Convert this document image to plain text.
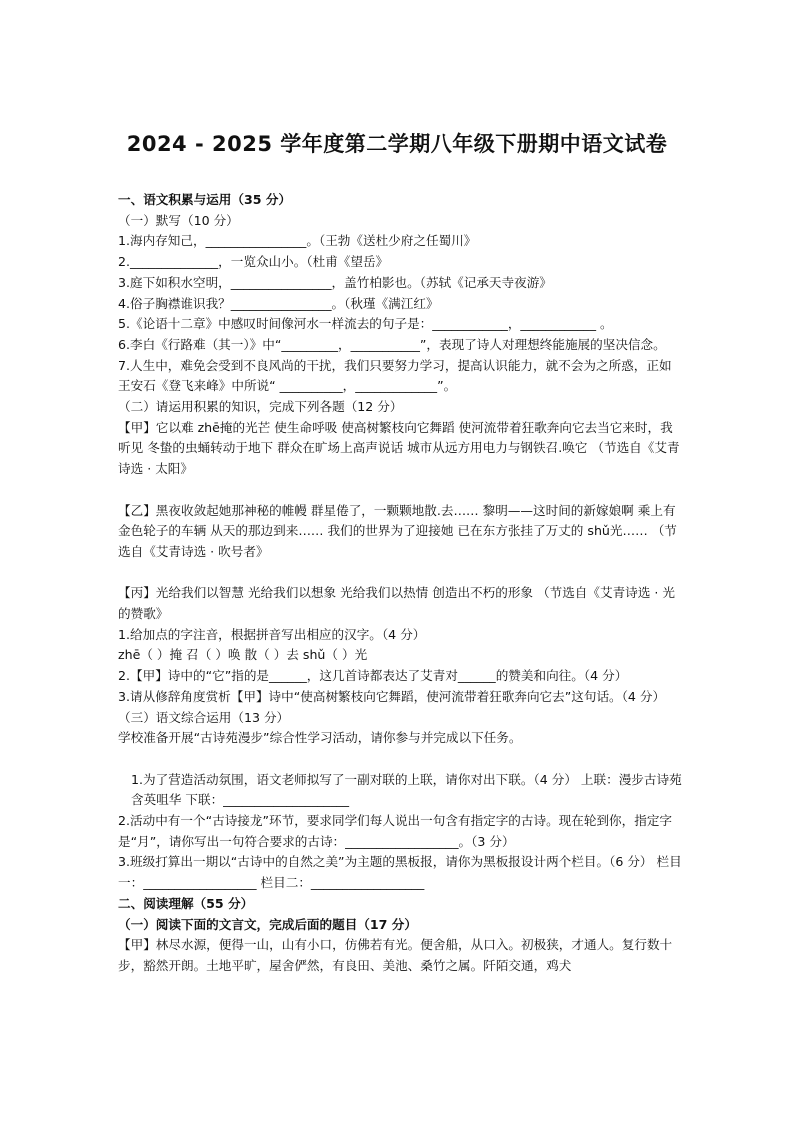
2024 - 2025 学年度第二学期八年级下册期中语文试卷
一、语文积累与运用（35 分）
（一）默写（10 分）
1.海内存知己，________________。（王勃《送杜少府之任蜀川》
2.______________，一览众山小。（杜甫《望岳》
3.庭下如积水空明，________________，盖竹柏影也。（苏轼《记承天寺夜游》
4.俗子胸襟谁识我？________________。（秋瑾《满江红》
5.《论语十二章》中感叹时间像河水一样流去的句子是：____________，____________ 。
6.李白《行路难（其一）》中“_________，___________”，表现了诗人对理想终能施展的坚决信念。
7.人生中，难免会受到不良风尚的干扰，我们只要努力学习，提高认识能力，就不会为之所惑，正如王安石《登飞来峰》中所说“ __________，_____________”。
（二）请运用积累的知识，完成下列各题（12 分）
【甲】它以难 zhē掩的光芒 使生命呼吸 使高树繁枝向它舞蹈 使河流带着狂歌奔向它去当它来时，我听见 冬蛰的虫蛹转动于地下 群众在旷场上高声说话 城市从远方用电力与钢铁召.唤它 （节选自《艾青诗选 · 太阳》
【乙】黑夜收敛起她那神秘的帷幔 群星倦了，一颗颗地散.去…… 黎明——这时间的新嫁娘啊 乘上有金色轮子的车辆 从天的那边到来…… 我们的世界为了迎接她 已在东方张挂了万丈的 shǔ光…… （节选自《艾青诗选 · 吹号者》
【丙】光给我们以智慧 光给我们以想象 光给我们以热情 创造出不朽的形象 （节选自《艾青诗选 · 光的赞歌》
1.给加点的字注音，根据拼音写出相应的汉字。（4 分）
zhē（ ）掩 召（ ）唤 散（ ）去 shǔ（ ）光
2.【甲】诗中的“它”指的是______，这几首诗都表达了艾青对______的赞美和向往。（4 分）
3.请从修辞角度赏析【甲】诗中“使高树繁枝向它舞蹈，使河流带着狂歌奔向它去”这句话。（4 分）
（三）语文综合运用（13 分）
学校准备开展“古诗苑漫步”综合性学习活动，请你参与并完成以下任务。
1.为了营造活动氛围，语文老师拟写了一副对联的上联，请你对出下联。（4 分） 上联：漫步古诗苑含英咀华 下联：____________________
2.活动中有一个“古诗接龙”环节，要求同学们每人说出一句含有指定字的古诗。现在轮到你，指定字是“月”，请你写出一句符合要求的古诗：__________________。（3 分）
3.班级打算出一期以“古诗中的自然之美”为主题的黑板报，请你为黑板报设计两个栏目。（6 分） 栏目一：__________________ 栏目二：__________________
二、阅读理解（55 分）
（一）阅读下面的文言文，完成后面的题目（17 分）
【甲】林尽水源，便得一山，山有小口，仿佛若有光。便舍船，从口入。初极狭，才通人。复行数十步，豁然开朗。土地平旷，屋舍俨然，有良田、美池、桑竹之属。阡陌交通，鸡犬
